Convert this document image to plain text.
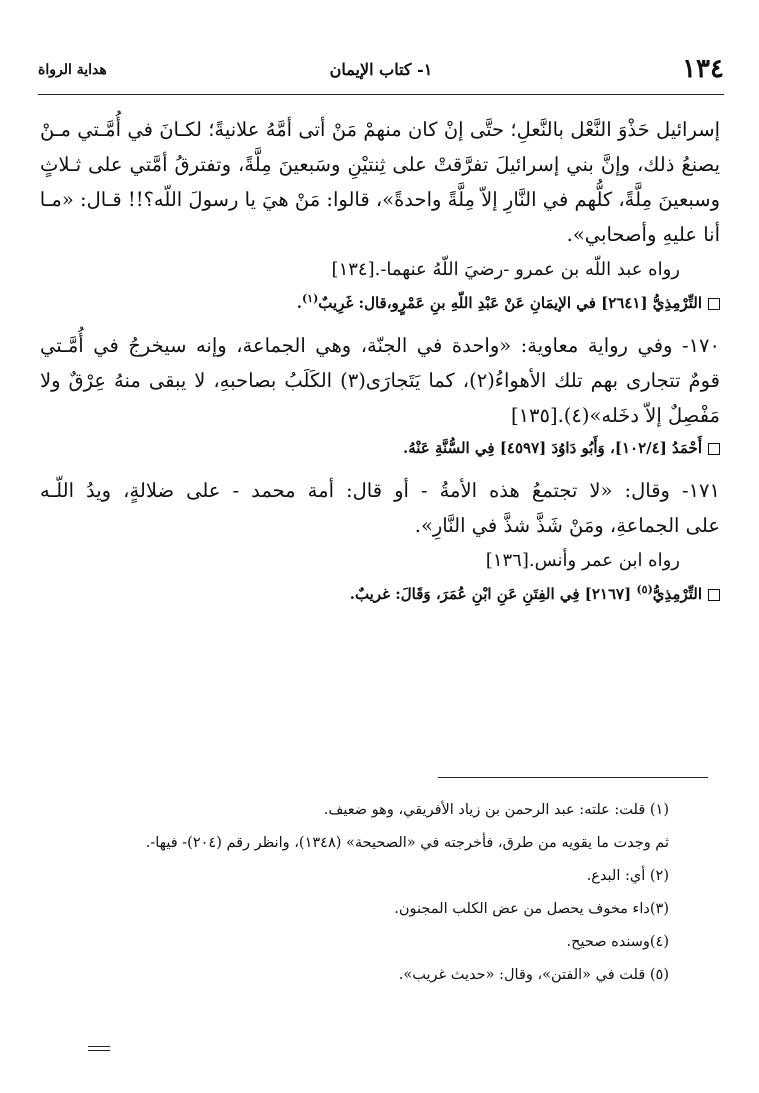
١٣٤
١- كتاب الإيمان
هداية الرواة
إسرائيل حَذْوَ النَّعْل بالنَّعلِ؛ حتَّى إنْ كان منهمْ مَنْ أتى أمَّهُ علانيةً؛ لكـانَ في أُمَّـتي مـنْ
يصنعُ ذلك، وإنَّ بني إسرائيلَ تفرَّقتْ على ثِنتيْنِ وسَبعينَ مِلَّةً، وتفترقُ أمَّتي على ثـلاثٍ
وسبعينَ مِلَّةً، كلُّهم في النَّارِ إلاّ مِلَّةً واحدةً»، قالوا: مَنْ هيَ يا رسولَ اللّه؟!! قـال: «مـا
أنا عليهِ وأصحابي».
رواه عبد اللّه بن عمرو -رضيَ اللّهُ عنهما-.[١٣٤]
التِّرْمِذِيُّ [٢٦٤١] في الإيمَانِ عَنْ عَبْدِ اللّهِ بنِ عَمْرٍو،قال: غَرِيبٌ$^{(١)}$.
١٧٠- وفي رواية معاوية: «واحدة في الجنّة، وهي الجماعة، وإنه سيخرجُ في أُمَّـتي
قومٌ تتجارى بهم تلك الأهواءُ(٢)، كما يَتَجارَى(٣) الكَلَبُ بصاحبهِ، لا يبقى منهُ عِرْقٌ ولا
مَفْصِلٌ إلاّ دخَله»(٤).[١٣٥]
أَحْمَدُ [١٠٢/٤]، وَأَبُو دَاوُدَ [٤٥٩٧] فِي السُّنَّةِ عَنْهُ.
١٧١- وقال: «لا تجتمعُ هذه الأمةُ - أو قال: أمة محمد - على ضلالةٍ، ويدُ اللّـه
على الجماعةِ، ومَنْ شَذَّ شذَّ في النَّارِ».
رواه ابن عمر وأنس.[١٣٦]
التِّرْمِذِيُّ$^{(٥)}$ [٢١٦٧] فِي الفِتَنِ عَنِ ابْنِ عُمَرَ، وَقَالَ: غريبٌ.
(١) قلت: علته: عبد الرحمن بن زياد الأفريقي، وهو ضعيف.
ثم وجدت ما يقويه من طرق، فأخرجته في «الصحيحة» (١٣٤٨)، وانظر رقم (٢٠٤)- فيها-.
(٢) أي: البدع.
(٣)داء مخوف يحصل من عض الكلب المجنون.
(٤)وسنده صحيح.
(٥) قلت في «الفتن»، وقال: «حديث غريب».
